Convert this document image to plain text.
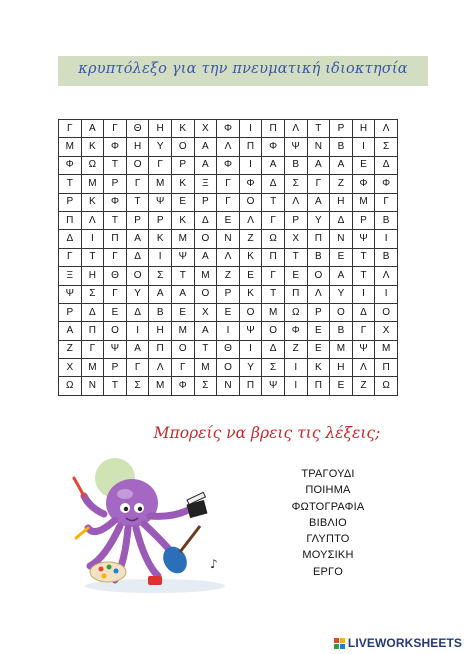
κρυπτόλεξο για την πνευματική ιδιοκτησία
Γ	Α	Γ	Θ	Η	Κ	Χ	Φ	Ι	Π	Λ	Τ	Ρ	Η	Λ
Μ	Κ	Φ	Η	Υ	Ο	Α	Λ	Π	Φ	Ψ	Ν	Β	Ι	Σ
Φ	Ω	Τ	Ο	Γ	Ρ	Α	Φ	Ι	Α	Β	Α	Α	Ε	Δ
Τ	Μ	Ρ	Γ	Μ	Κ	Ξ	Γ	Φ	Δ	Σ	Γ	Ζ	Φ	Φ
Ρ	Κ	Φ	Τ	Ψ	Ε	Ρ	Γ	Ο	Τ	Λ	Α	Η	Μ	Γ
Π	Λ	Τ	Ρ	Ρ	Κ	Δ	Ε	Λ	Γ	Ρ	Υ	Δ	Ρ	Β
Δ	Ι	Π	Α	Κ	Μ	Ο	Ν	Ζ	Ω	Χ	Π	Ν	Ψ	Ι
Γ	Τ	Γ	Δ	Ι	Ψ	Α	Λ	Κ	Π	Τ	Β	Ε	Τ	Β
Ξ	Η	Θ	Ο	Σ	Τ	Μ	Ζ	Ε	Γ	Ε	Ο	Α	Τ	Λ
Ψ	Σ	Γ	Υ	Α	Α	Ο	Ρ	Κ	Τ	Π	Λ	Υ	Ι	Ι
Ρ	Δ	Ε	Δ	Β	Ε	Χ	Ε	Ο	Μ	Ω	Ρ	Ο	Δ	Ο
Α	Π	Ο	Ι	Η	Μ	Α	Ι	Ψ	Ο	Φ	Ε	Β	Γ	Χ
Ζ	Γ	Ψ	Α	Π	Ο	Τ	Θ	Ι	Δ	Ζ	Ε	Μ	Ψ	Μ
Χ	Μ	Ρ	Γ	Λ	Γ	Μ	Ο	Υ	Σ	Ι	Κ	Η	Λ	Π
Ω	Ν	Τ	Σ	Μ	Φ	Σ	Ν	Π	Ψ	Ι	Π	Ε	Ζ	Ω
Μπορείς να βρεις τις λέξεις;
♪
ΤΡΑΓΟΥΔΙ
ΠΟΙΗΜΑ
ΦΩΤΟΓΡΑΦΙΑ
ΒΙΒΛΙΟ
ΓΛΥΠΤΟ
ΜΟΥΣΙΚΗ
ΕΡΓΟ
LIVEWORKSHEETS
